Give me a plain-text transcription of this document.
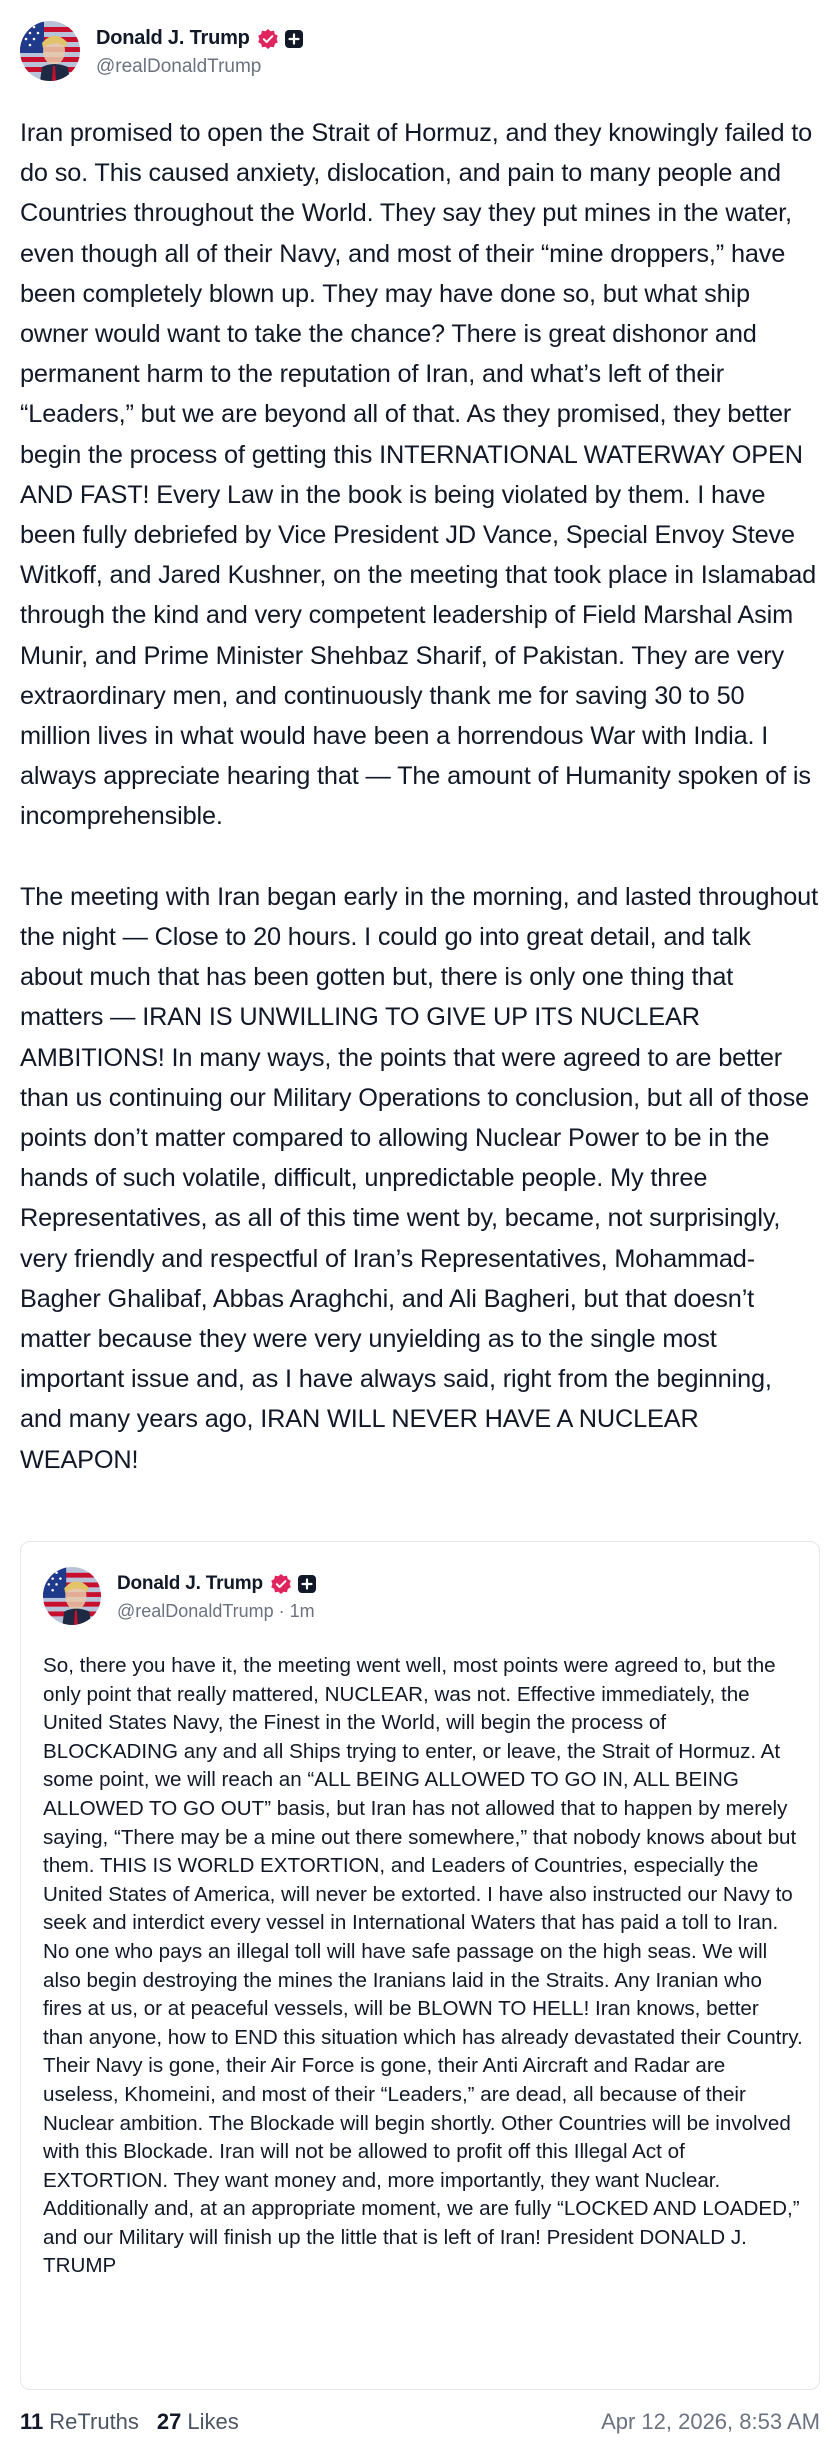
Donald J. Trump
@realDonaldTrump

Iran promised to open the Strait of Hormuz, and they knowingly failed to do so. This caused anxiety, dislocation, and pain to many people and Countries throughout the World. They say they put mines in the water, even though all of their Navy, and most of their “mine droppers,” have been completely blown up. They may have done so, but what ship owner would want to take the chance? There is great dishonor and permanent harm to the reputation of Iran, and what’s left of their “Leaders,” but we are beyond all of that. As they promised, they better begin the process of getting this INTERNATIONAL WATERWAY OPEN AND FAST! Every Law in the book is being violated by them. I have been fully debriefed by Vice President JD Vance, Special Envoy Steve Witkoff, and Jared Kushner, on the meeting that took place in Islamabad through the kind and very competent leadership of Field Marshal Asim Munir, and Prime Minister Shehbaz Sharif, of Pakistan. They are very extraordinary men, and continuously thank me for saving 30 to 50 million lives in what would have been a horrendous War with India. I always appreciate hearing that — The amount of Humanity spoken of is incomprehensible.

The meeting with Iran began early in the morning, and lasted throughout the night — Close to 20 hours. I could go into great detail, and talk about much that has been gotten but, there is only one thing that matters — IRAN IS UNWILLING TO GIVE UP ITS NUCLEAR AMBITIONS! In many ways, the points that were agreed to are better than us continuing our Military Operations to conclusion, but all of those points don’t matter compared to allowing Nuclear Power to be in the hands of such volatile, difficult, unpredictable people. My three Representatives, as all of this time went by, became, not surprisingly, very friendly and respectful of Iran’s Representatives, Mohammad-Bagher Ghalibaf, Abbas Araghchi, and Ali Bagheri, but that doesn’t matter because they were very unyielding as to the single most important issue and, as I have always said, right from the beginning, and many years ago, IRAN WILL NEVER HAVE A NUCLEAR WEAPON!

Donald J. Trump
@realDonaldTrump · 1m
So, there you have it, the meeting went well, most points were agreed to, but the only point that really mattered, NUCLEAR, was not. Effective immediately, the United States Navy, the Finest in the World, will begin the process of BLOCKADING any and all Ships trying to enter, or leave, the Strait of Hormuz. At some point, we will reach an “ALL BEING ALLOWED TO GO IN, ALL BEING ALLOWED TO GO OUT” basis, but Iran has not allowed that to happen by merely saying, “There may be a mine out there somewhere,” that nobody knows about but them. THIS IS WORLD EXTORTION, and Leaders of Countries, especially the United States of America, will never be extorted. I have also instructed our Navy to seek and interdict every vessel in International Waters that has paid a toll to Iran. No one who pays an illegal toll will have safe passage on the high seas. We will also begin destroying the mines the Iranians laid in the Straits. Any Iranian who fires at us, or at peaceful vessels, will be BLOWN TO HELL! Iran knows, better than anyone, how to END this situation which has already devastated their Country. Their Navy is gone, their Air Force is gone, their Anti Aircraft and Radar are useless, Khomeini, and most of their “Leaders,” are dead, all because of their Nuclear ambition. The Blockade will begin shortly. Other Countries will be involved with this Blockade. Iran will not be allowed to profit off this Illegal Act of EXTORTION. They want money and, more importantly, they want Nuclear. Additionally and, at an appropriate moment, we are fully “LOCKED AND LOADED,” and our Military will finish up the little that is left of Iran! President DONALD J. TRUMP
11 ReTruths 27 Likes	Apr 12, 2026, 8:53 AM
